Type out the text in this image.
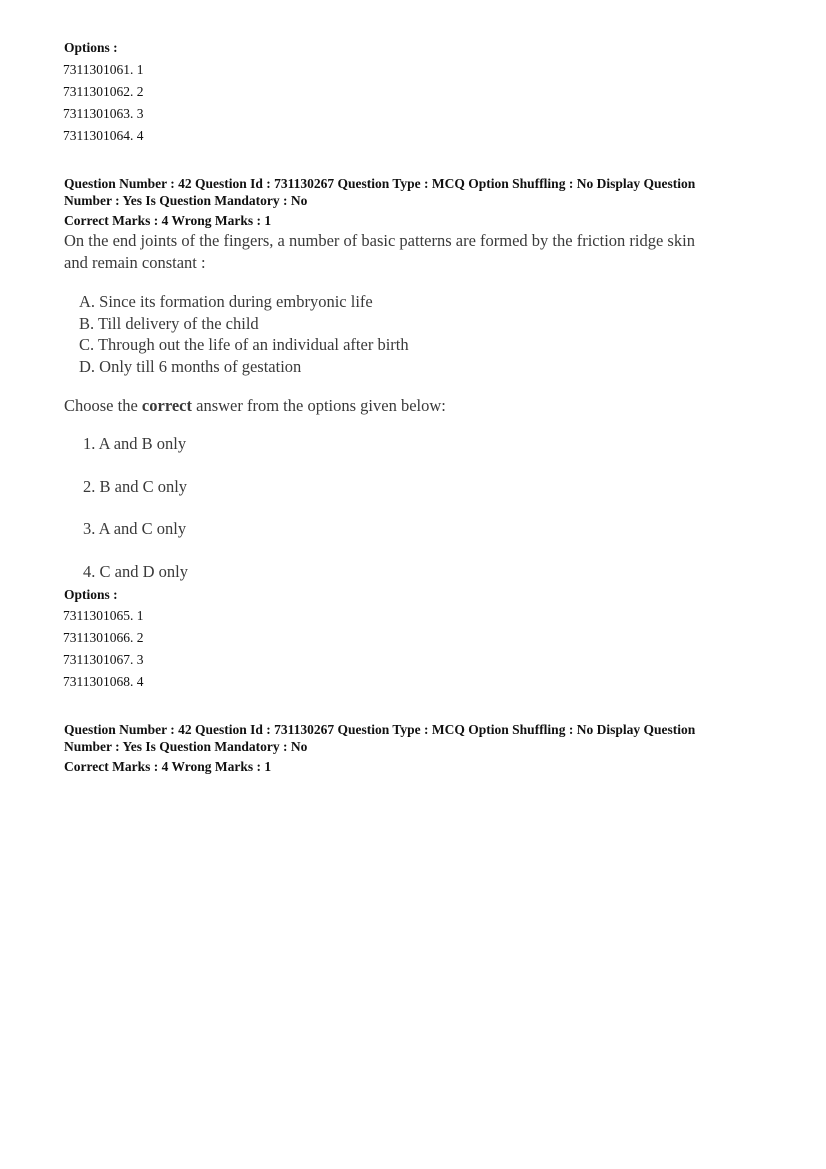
Options :
7311301061. 1
7311301062. 2
7311301063. 3
7311301064. 4
Question Number : 42 Question Id : 731130267 Question Type : MCQ Option Shuffling : No Display Question
Number : Yes Is Question Mandatory : No
Correct Marks : 4 Wrong Marks : 1
On the end joints of the fingers, a number of basic patterns are formed by the friction ridge skin
and remain constant :
A. Since its formation during embryonic life
B. Till delivery of the child
C. Through out the life of an individual after birth
D. Only till 6 months of gestation
Choose the correct answer from the options given below:
1. A and B only
2. B and C only
3. A and C only
4. C and D only
Options :
7311301065. 1
7311301066. 2
7311301067. 3
7311301068. 4
Question Number : 42 Question Id : 731130267 Question Type : MCQ Option Shuffling : No Display Question
Number : Yes Is Question Mandatory : No
Correct Marks : 4 Wrong Marks : 1
